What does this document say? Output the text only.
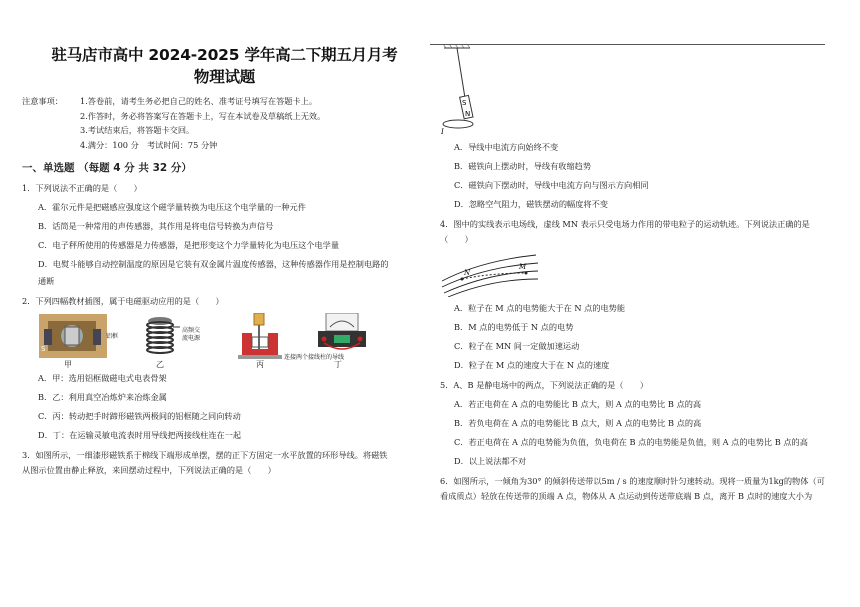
驻马店市高中 2024-2025 学年高二下期五月月考
物理试题
注意事项： 1.答卷前，请考生务必把自己的姓名、准考证号填写在答题卡上。
2.作答时，务必将答案写在答题卡上，写在本试卷及草稿纸上无效。
3.考试结束后，将答题卡交回。
4.满分：100 分　考试时间：75 分钟
一、单选题 （每题 4 分 共 32 分）
1．下列说法不正确的是（　　）
A．霍尔元件是把磁感应强度这个磁学量转换为电压这个电学量的一种元件
B．话筒是一种常用的声传感器，其作用是将电信号转换为声信号
C．电子秤所使用的传感器是力传感器，是把形变这个力学量转化为电压这个电学量
D．电熨斗能够自动控制温度的原因是它装有双金属片温度传感器，这种传感器作用是控制电路的
通断
2．下列四幅教材插图，属于电磁驱动应用的是（　　）
S
铝框
高频交
流电源
连接两个接线柱的导线
甲	乙	丙	丁
A．甲：选用铝框做磁电式电表骨架
B．乙：利用真空冶炼炉来冶炼金属
C．丙：转动把手时蹄形磁铁两极间的铝框随之同向转动
D．丁：在运输灵敏电流表时用导线把两接线柱连在一起
3．如图所示，一细漆形磁铁系于棉线下端形成单摆，摆的正下方固定一水平放置的环形导线。将磁铁
从图示位置由静止释放，来回摆动过程中，下列说法正确的是（　　）
S
N
I
A．导线中电流方向始终不变
B．磁铁向上摆动时，导线有收缩趋势
C．磁铁向下摆动时，导线中电流方向与图示方向相同
D．忽略空气阻力，磁铁摆动的幅度将不变
4．图中的实线表示电场线，虚线 MN 表示只受电场力作用的带电粒子的运动轨迹。下列说法正确的是
（　　）
N
M
A．粒子在 M 点的电势能大于在 N 点的电势能
B．M 点的电势低于 N 点的电势
C．粒子在 MN 间一定做加速运动
D．粒子在 M 点的速度大于在 N 点的速度
5．A、B 是静电场中的两点，下列说法正确的是（　　）
A．若正电荷在 A 点的电势能比 B 点大，则 A 点的电势比 B 点的高
B．若负电荷在 A 点的电势能比 B 点大，则 A 点的电势比 B 点的高
C．若正电荷在 A 点的电势能为负值，负电荷在 B 点的电势能是负值，则 A 点的电势比 B 点的高
D．以上说法都不对
6．如图所示，一倾角为30° 的倾斜传送带以5m / s 的速度顺时针匀速转动。现将一质量为1kg的物体（可
看成质点）轻放在传送带的顶端 A 点，物体从 A 点运动到传送带底端 B 点，离开 B 点时的速度大小为
